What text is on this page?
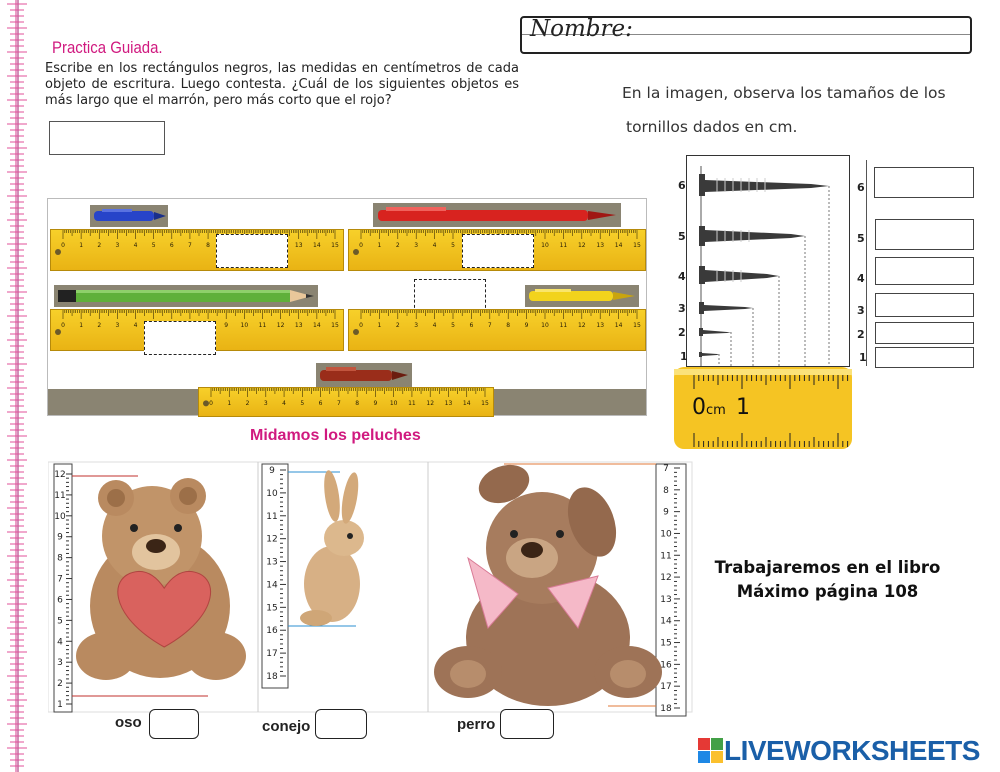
Practica Guiada.
Escribe en los rectángulos negros, las medidas en centímetros de cada objeto de escritura. Luego contesta. ¿Cuál de los siguientes objetos es más largo que el marrón, pero más corto que el rojo?
Nombre:
En la imagen, observa los tamaños de los
tornillos dados en cm.
0 1 2 3 4 5 6 7 8	13 14 15	0 1 2 3 4 5	10 11 12 13 14 15
0 1 2 3 4	9 10 11 12 13 14 15	0 1 2 3 4 5 6 7 8 9 10 11 12 13 14 15
0 1 2 3 4 5 6 7 8 9 10 11 12 13 14 15
Midamos los peluches
6
5
4
3
2
1
6
5
4
3
2
1
0cm 1
12
11
10
9
8
7
6
5
4
3
2
1
9
10
11
12
13
14
15
16
17
18
7
8
9
10
11
12
13
14
15
16
17
18
oso	conejo	perro
Trabajaremos en el libro
Máximo página 108
LIVEWORKSHEETS
